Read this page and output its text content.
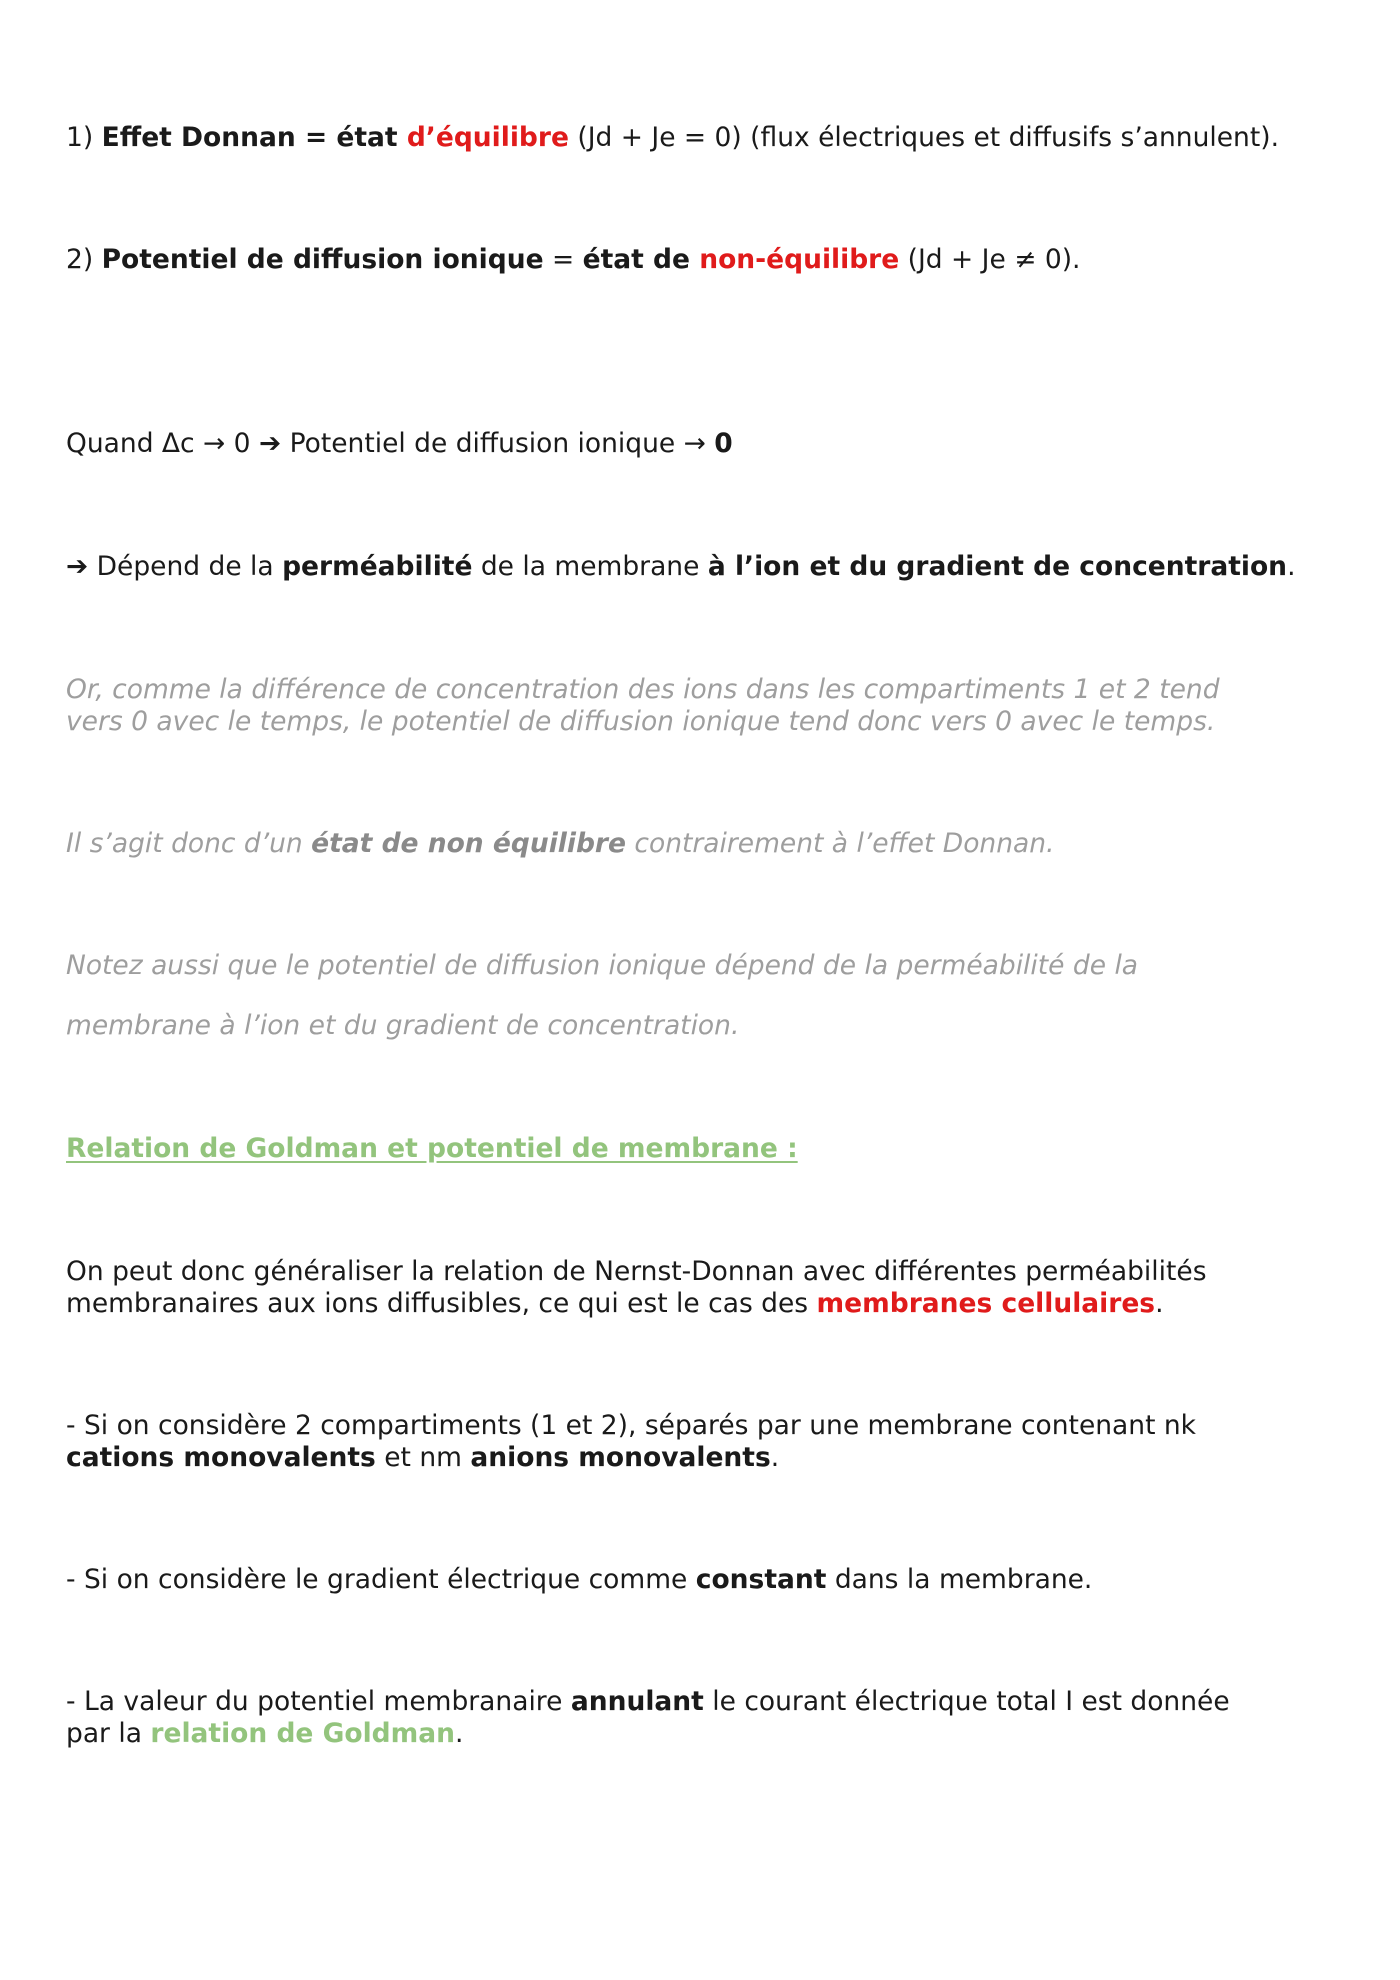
1) Effet Donnan = état d’équilibre (Jd + Je = 0) (flux électriques et diffusifs s’annulent).

2) Potentiel de diffusion ionique = état de non-équilibre (Jd + Je ≠ 0).

Quand Δc → 0 ➔ Potentiel de diffusion ionique → 0

➔ Dépend de la perméabilité de la membrane à l’ion et du gradient de concentration.

Or, comme la différence de concentration des ions dans les compartiments 1 et 2 tend
vers 0 avec le temps, le potentiel de diffusion ionique tend donc vers 0 avec le temps.

Il s’agit donc d’un état de non équilibre contrairement à l’effet Donnan.

Notez aussi que le potentiel de diffusion ionique dépend de la perméabilité de la

membrane à l’ion et du gradient de concentration.

Relation de Goldman et potentiel de membrane :

On peut donc généraliser la relation de Nernst-Donnan avec différentes perméabilités
membranaires aux ions diffusibles, ce qui est le cas des membranes cellulaires.
- Si on considère 2 compartiments (1 et 2), séparés par une membrane contenant nk
cations monovalents et nm anions monovalents.

- Si on considère le gradient électrique comme constant dans la membrane.

- La valeur du potentiel membranaire annulant le courant électrique total I est donnée
par la relation de Goldman.
